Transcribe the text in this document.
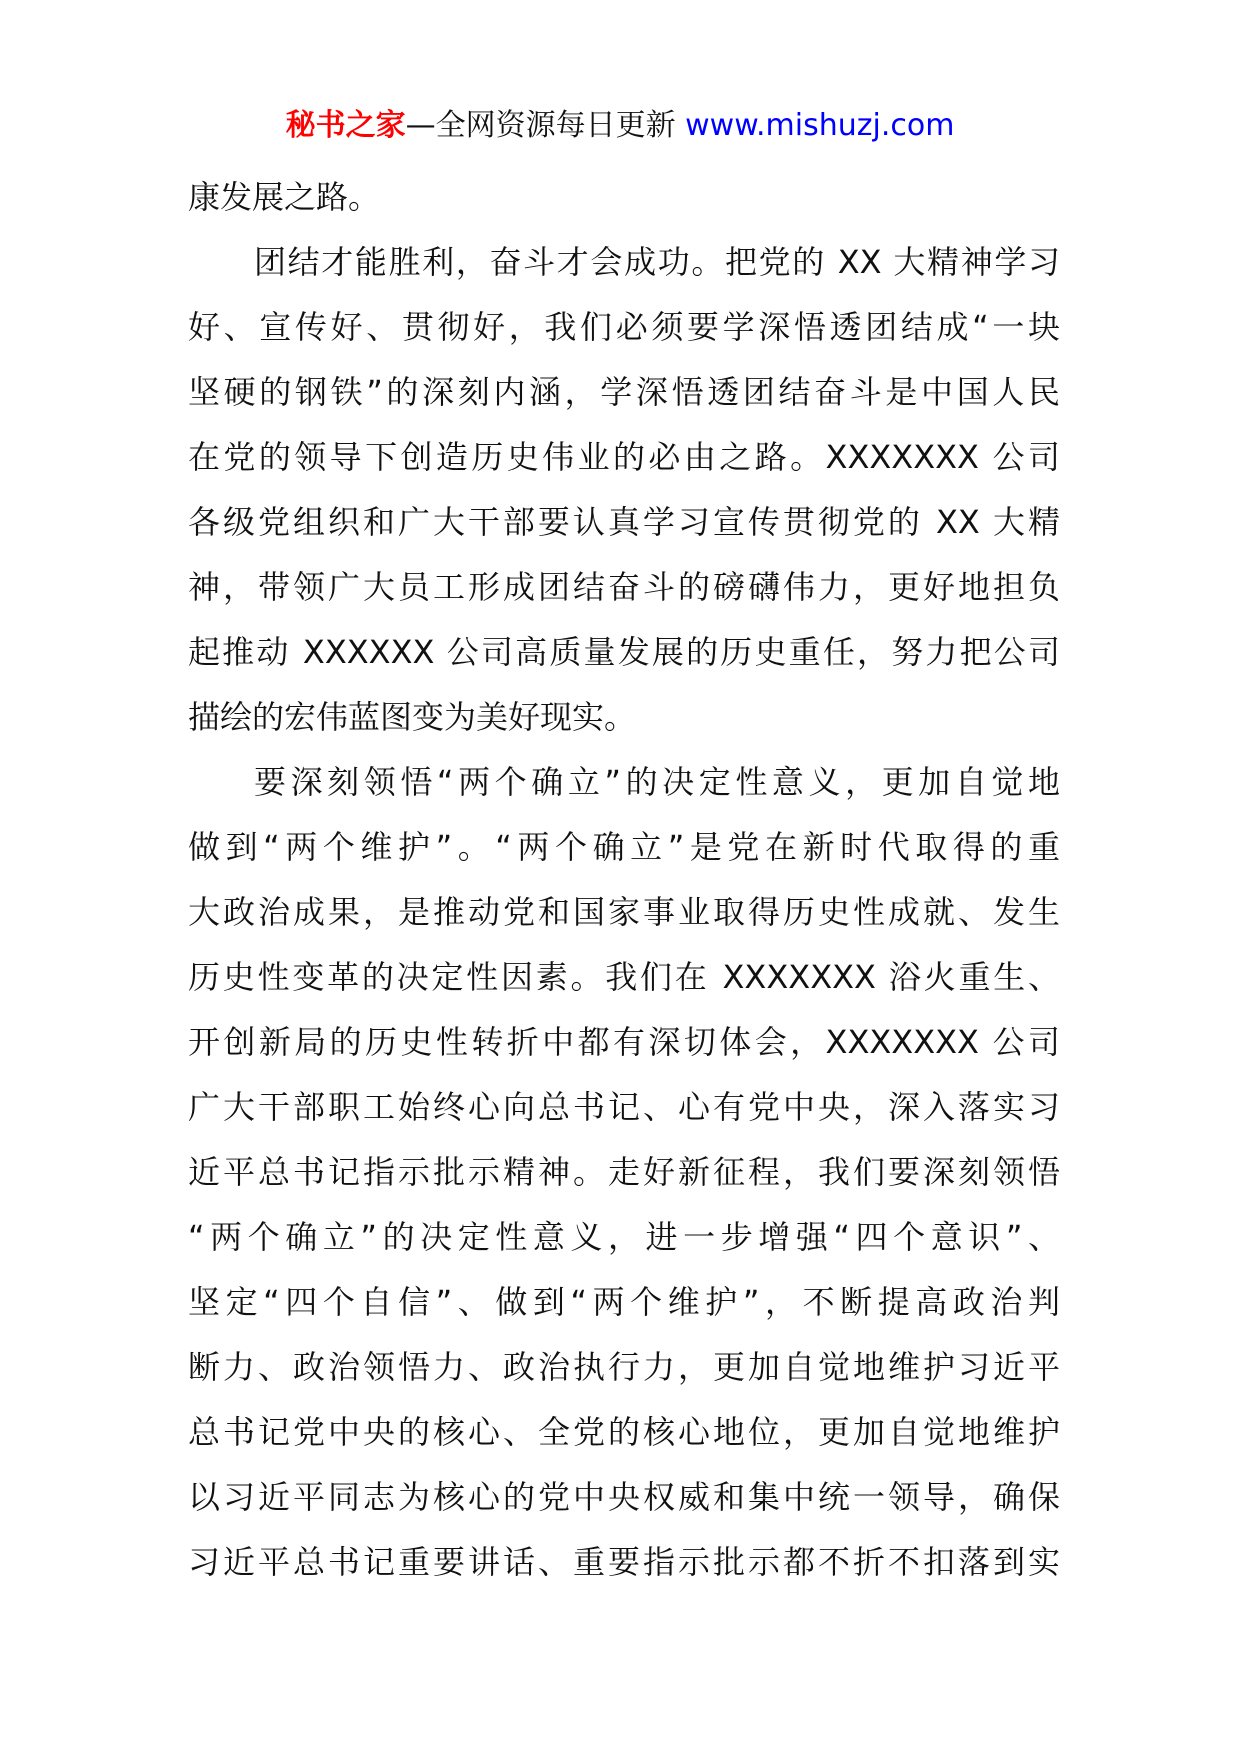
秘书之家—全网资源每日更新 www.mishuzj.com

康发展之路。

团结才能胜利，奋斗才会成功。把党的 XX 大精神学习
好、宣传好、贯彻好，我们必须要学深悟透团结成“一块
坚硬的钢铁”的深刻内涵，学深悟透团结奋斗是中国人民
在党的领导下创造历史伟业的必由之路。XXXXXXX 公司
各级党组织和广大干部要认真学习宣传贯彻党的 XX 大精
神，带领广大员工形成团结奋斗的磅礴伟力，更好地担负
起推动 XXXXXX 公司高质量发展的历史重任，努力把公司
描绘的宏伟蓝图变为美好现实。

要深刻领悟“两个确立”的决定性意义，更加自觉地
做到“两个维护”。“两个确立”是党在新时代取得的重
大政治成果，是推动党和国家事业取得历史性成就、发生
历史性变革的决定性因素。我们在 XXXXXXX 浴火重生、
开创新局的历史性转折中都有深切体会，XXXXXXX 公司
广大干部职工始终心向总书记、心有党中央，深入落实习
近平总书记指示批示精神。走好新征程，我们要深刻领悟
“两个确立”的决定性意义，进一步增强“四个意识”、
坚定“四个自信”、做到“两个维护”，不断提高政治判
断力、政治领悟力、政治执行力，更加自觉地维护习近平
总书记党中央的核心、全党的核心地位，更加自觉地维护
以习近平同志为核心的党中央权威和集中统一领导，确保
习近平总书记重要讲话、重要指示批示都不折不扣落到实
